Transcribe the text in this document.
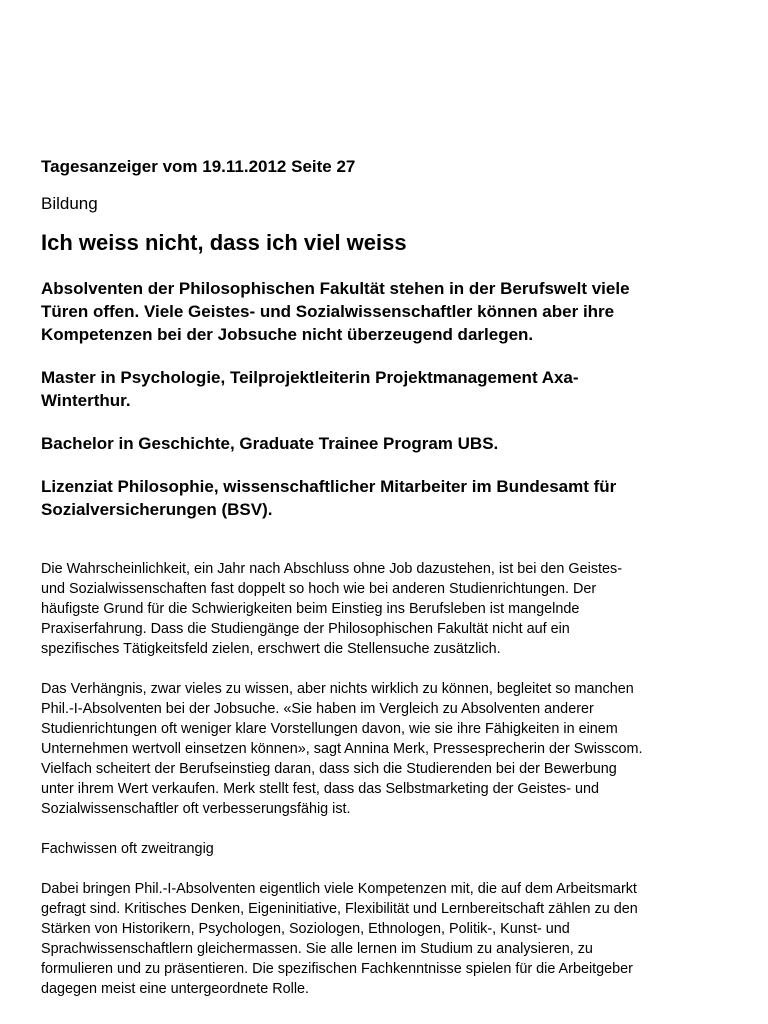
Tagesanzeiger vom 19.11.2012 Seite 27
Bildung
Ich weiss nicht, dass ich viel weiss
Absolventen der Philosophischen Fakultät stehen in der Berufswelt viele
Türen offen. Viele Geistes- und Sozialwissenschaftler können aber ihre
Kompetenzen bei der Jobsuche nicht überzeugend darlegen.
Master in Psychologie, Teilprojektleiterin Projektmanagement Axa-
Winterthur.
Bachelor in Geschichte, Graduate Trainee Program UBS.
Lizenziat Philosophie, wissenschaftlicher Mitarbeiter im Bundesamt für
Sozialversicherungen (BSV).
Die Wahrscheinlichkeit, ein Jahr nach Abschluss ohne Job dazustehen, ist bei den Geistes-
und Sozialwissenschaften fast doppelt so hoch wie bei anderen Studienrichtungen. Der
häufigste Grund für die Schwierigkeiten beim Einstieg ins Berufsleben ist mangelnde
Praxiserfahrung. Dass die Studiengänge der Philosophischen Fakultät nicht auf ein
spezifisches Tätigkeitsfeld zielen, erschwert die Stellensuche zusätzlich.
Das Verhängnis, zwar vieles zu wissen, aber nichts wirklich zu können, begleitet so manchen
Phil.-I-Absolventen bei der Jobsuche. «Sie haben im Vergleich zu Absolventen anderer
Studienrichtungen oft weniger klare Vorstellungen davon, wie sie ihre Fähigkeiten in einem
Unternehmen wertvoll einsetzen können», sagt Annina Merk, Pressesprecherin der Swisscom.
Vielfach scheitert der Berufseinstieg daran, dass sich die Studierenden bei der Bewerbung
unter ihrem Wert verkaufen. Merk stellt fest, dass das Selbstmarketing der Geistes- und
Sozialwissenschaftler oft verbesserungsfähig ist.
Fachwissen oft zweitrangig
Dabei bringen Phil.-I-Absolventen eigentlich viele Kompetenzen mit, die auf dem Arbeitsmarkt
gefragt sind. Kritisches Denken, Eigeninitiative, Flexibilität und Lernbereitschaft zählen zu den
Stärken von Historikern, Psychologen, Soziologen, Ethnologen, Politik-, Kunst- und
Sprachwissenschaftlern gleichermassen. Sie alle lernen im Studium zu analysieren, zu
formulieren und zu präsentieren. Die spezifischen Fachkenntnisse spielen für die Arbeitgeber
dagegen meist eine untergeordnete Rolle.
